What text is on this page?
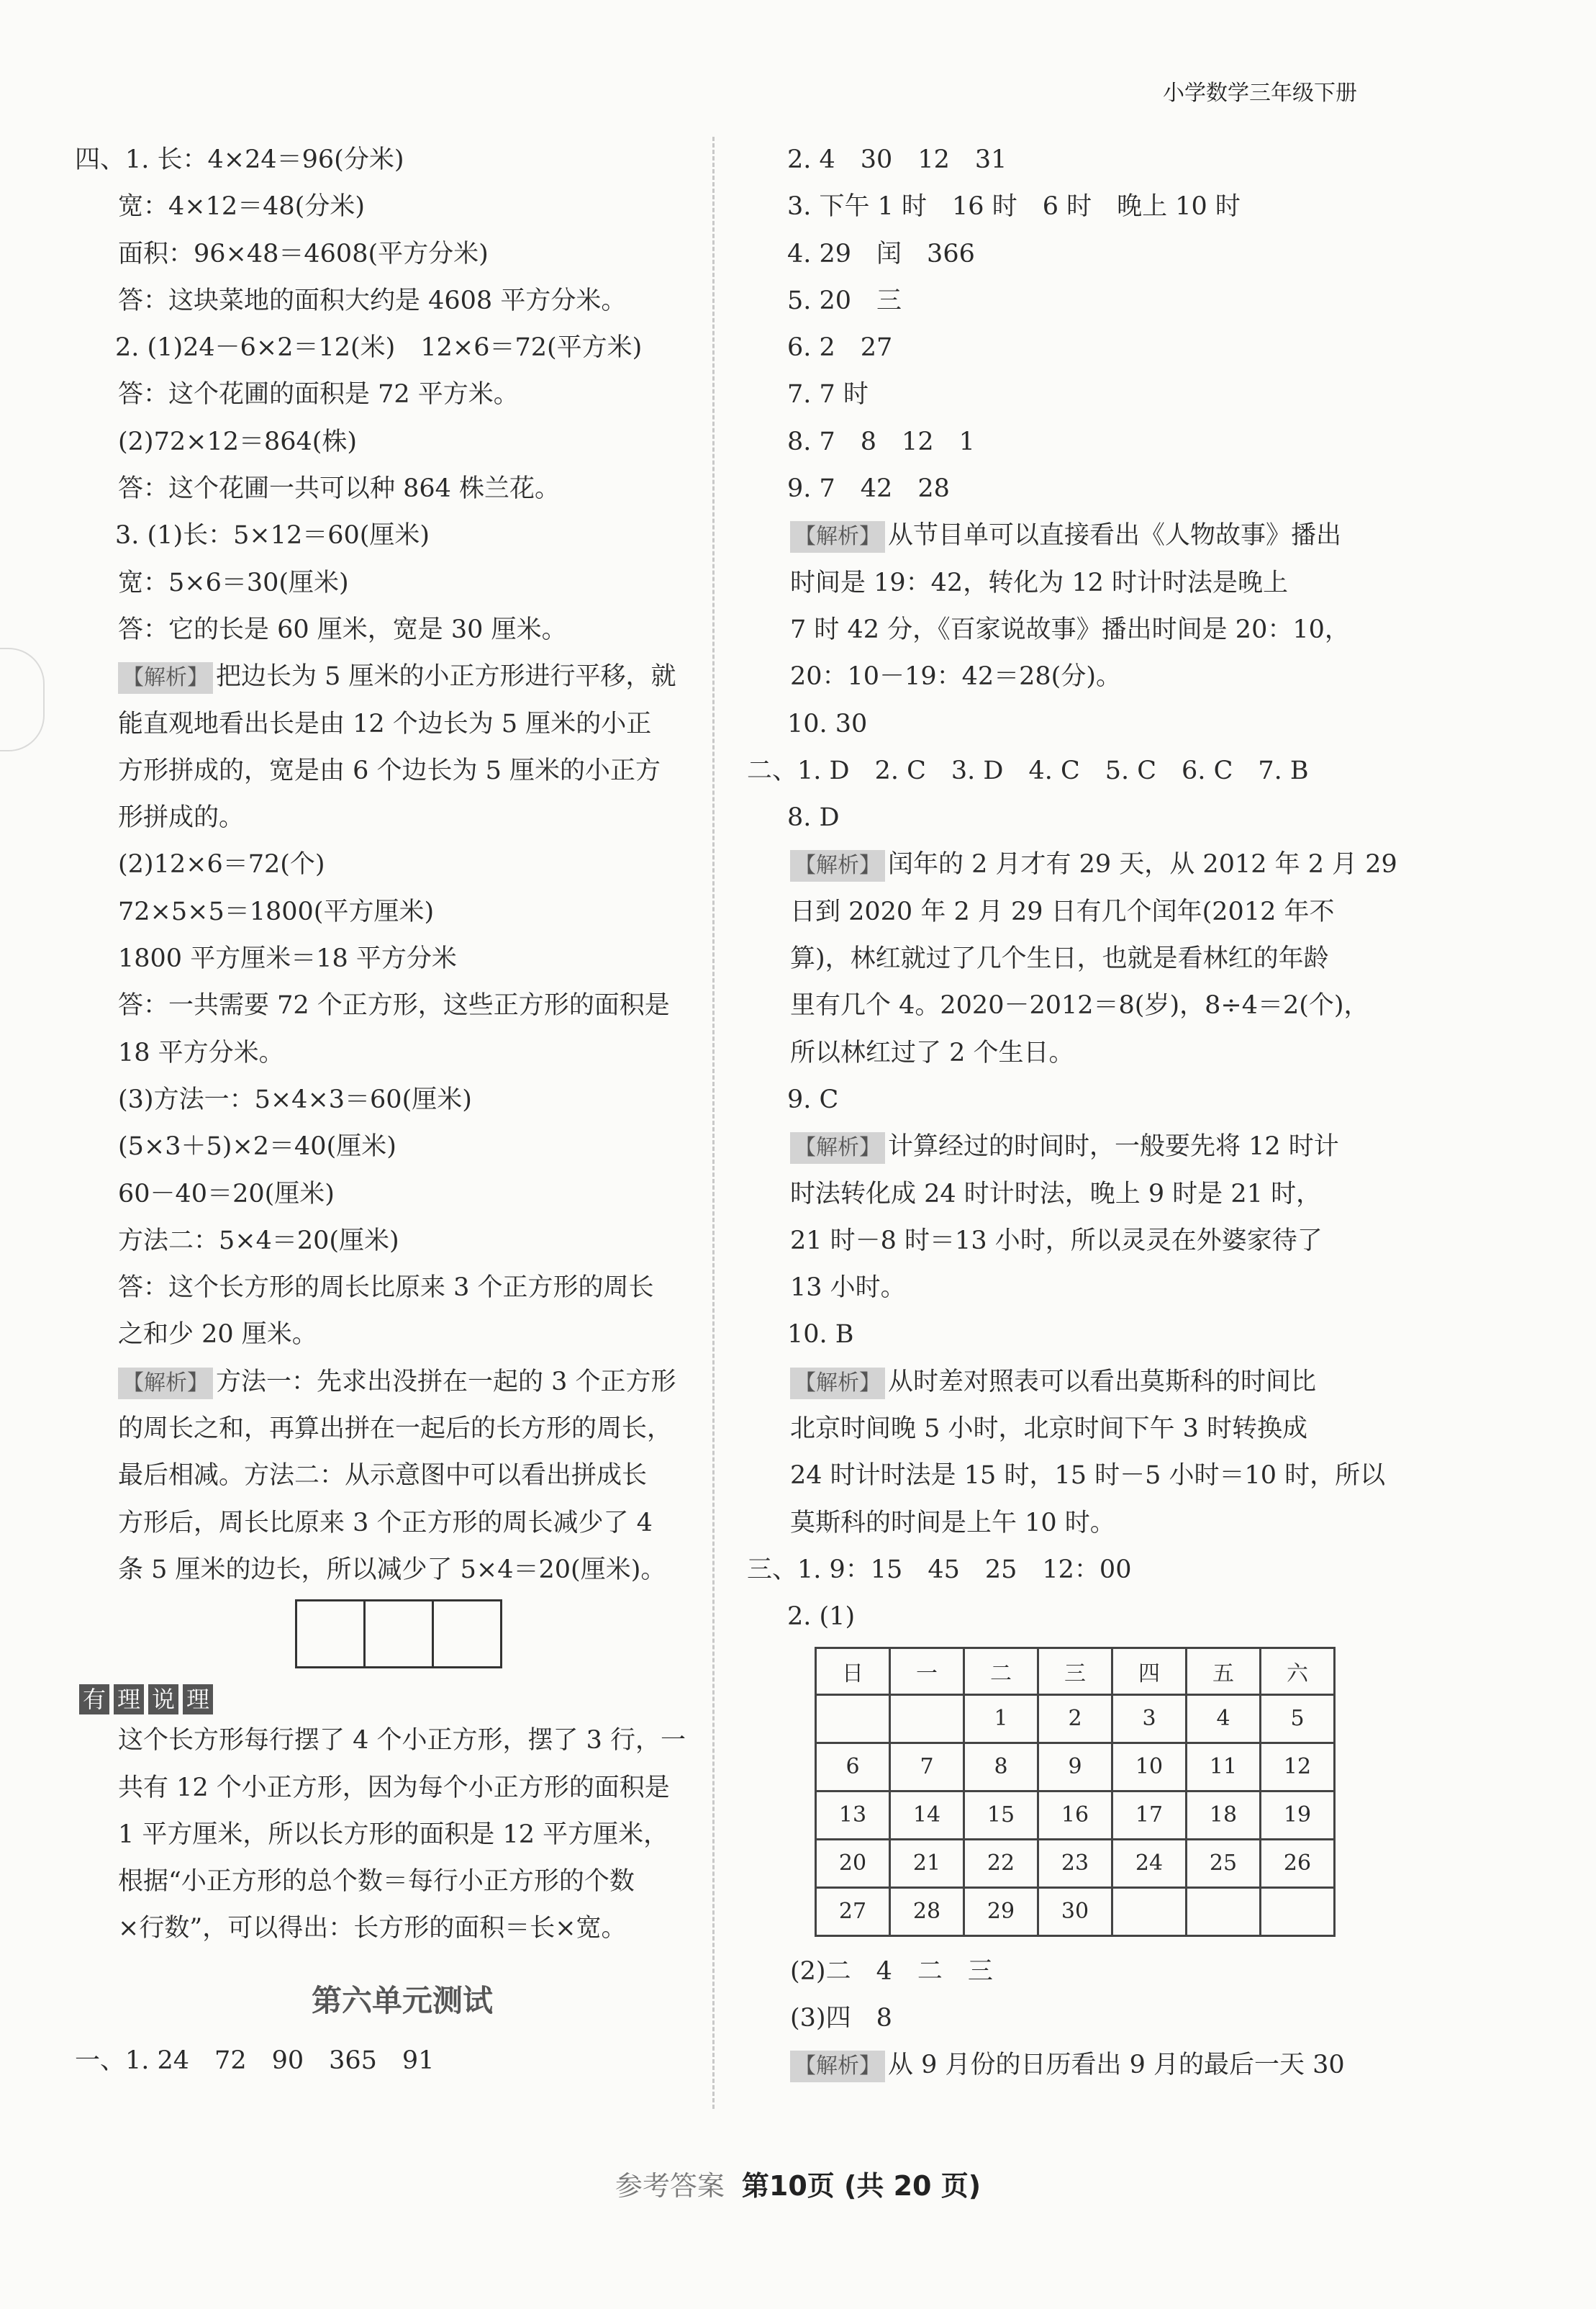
小学数学三年级下册
四、1. 长：4×24＝96(分米)
宽：4×12＝48(分米)
面积：96×48＝4608(平方分米)
答：这块菜地的面积大约是 4608 平方分米。
2. (1)24－6×2＝12(米)　12×6＝72(平方米)
答：这个花圃的面积是 72 平方米。
(2)72×12＝864(株)
答：这个花圃一共可以种 864 株兰花。
3. (1)长：5×12＝60(厘米)
宽：5×6＝30(厘米)
答：它的长是 60 厘米，宽是 30 厘米。
【解析】 把边长为 5 厘米的小正方形进行平移，就
能直观地看出长是由 12 个边长为 5 厘米的小正
方形拼成的，宽是由 6 个边长为 5 厘米的小正方
形拼成的。
(2)12×6＝72(个)
72×5×5＝1800(平方厘米)
1800 平方厘米＝18 平方分米
答：一共需要 72 个正方形，这些正方形的面积是
18 平方分米。
(3)方法一：5×4×3＝60(厘米)
(5×3＋5)×2＝40(厘米)
60－40＝20(厘米)
方法二：5×4＝20(厘米)
答：这个长方形的周长比原来 3 个正方形的周长
之和少 20 厘米。
【解析】 方法一：先求出没拼在一起的 3 个正方形
的周长之和，再算出拼在一起后的长方形的周长，
最后相减。方法二：从示意图中可以看出拼成长
方形后，周长比原来 3 个正方形的周长减少了 4
条 5 厘米的边长，所以减少了 5×4＝20(厘米)。
有 理 说 理
这个长方形每行摆了 4 个小正方形，摆了 3 行，一
共有 12 个小正方形，因为每个小正方形的面积是
1 平方厘米，所以长方形的面积是 12 平方厘米，
根据“小正方形的总个数＝每行小正方形的个数
×行数”，可以得出：长方形的面积＝长×宽。
第六单元测试
一、1. 24　72　90　365　91
2. 4　30　12　31
3. 下午 1 时　16 时　6 时　晚上 10 时
4. 29　闰　366
5. 20　三
6. 2　27
7. 7 时
8. 7　8　12　1
9. 7　42　28
【解析】 从节目单可以直接看出《人物故事》播出
时间是 19：42，转化为 12 时计时法是晚上
7 时 42 分，《百家说故事》播出时间是 20：10，
20：10－19：42＝28(分)。
10. 30
二、1. D　2. C　3. D　4. C　5. C　6. C　7. B
8. D
【解析】 闰年的 2 月才有 29 天，从 2012 年 2 月 29
日到 2020 年 2 月 29 日有几个闰年(2012 年不
算)，林红就过了几个生日，也就是看林红的年龄
里有几个 4。2020－2012＝8(岁)，8÷4＝2(个)，
所以林红过了 2 个生日。
9. C
【解析】 计算经过的时间时，一般要先将 12 时计
时法转化成 24 时计时法，晚上 9 时是 21 时，
21 时－8 时＝13 小时，所以灵灵在外婆家待了
13 小时。
10. B
【解析】 从时差对照表可以看出莫斯科的时间比
北京时间晚 5 小时，北京时间下午 3 时转换成
24 时计时法是 15 时，15 时－5 小时＝10 时，所以
莫斯科的时间是上午 10 时。
三、1. 9：15　45　25　12：00
2. (1)
日	一	二	三	四	五	六
		1	2	3	4	5
6	7	8	9	10	11	12
13	14	15	16	17	18	19
20	21	22	23	24	25	26
27	28	29	30			
(2)二　4　二　三
(3)四　8
【解析】 从 9 月份的日历看出 9 月的最后一天 30
参考答案 第10页 (共 20 页)
